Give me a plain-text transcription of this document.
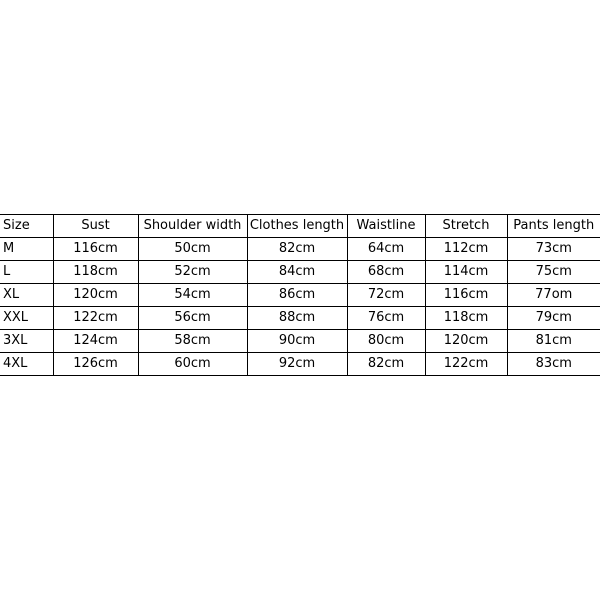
Size	Sust	Shoulder width	Clothes length	Waistline	Stretch	Pants length
M	116cm	50cm	82cm	64cm	112cm	73cm
L	118cm	52cm	84cm	68cm	114cm	75cm
XL	120cm	54cm	86cm	72cm	116cm	77om
XXL	122cm	56cm	88cm	76cm	118cm	79cm
3XL	124cm	58cm	90cm	80cm	120cm	81cm
4XL	126cm	60cm	92cm	82cm	122cm	83cm
